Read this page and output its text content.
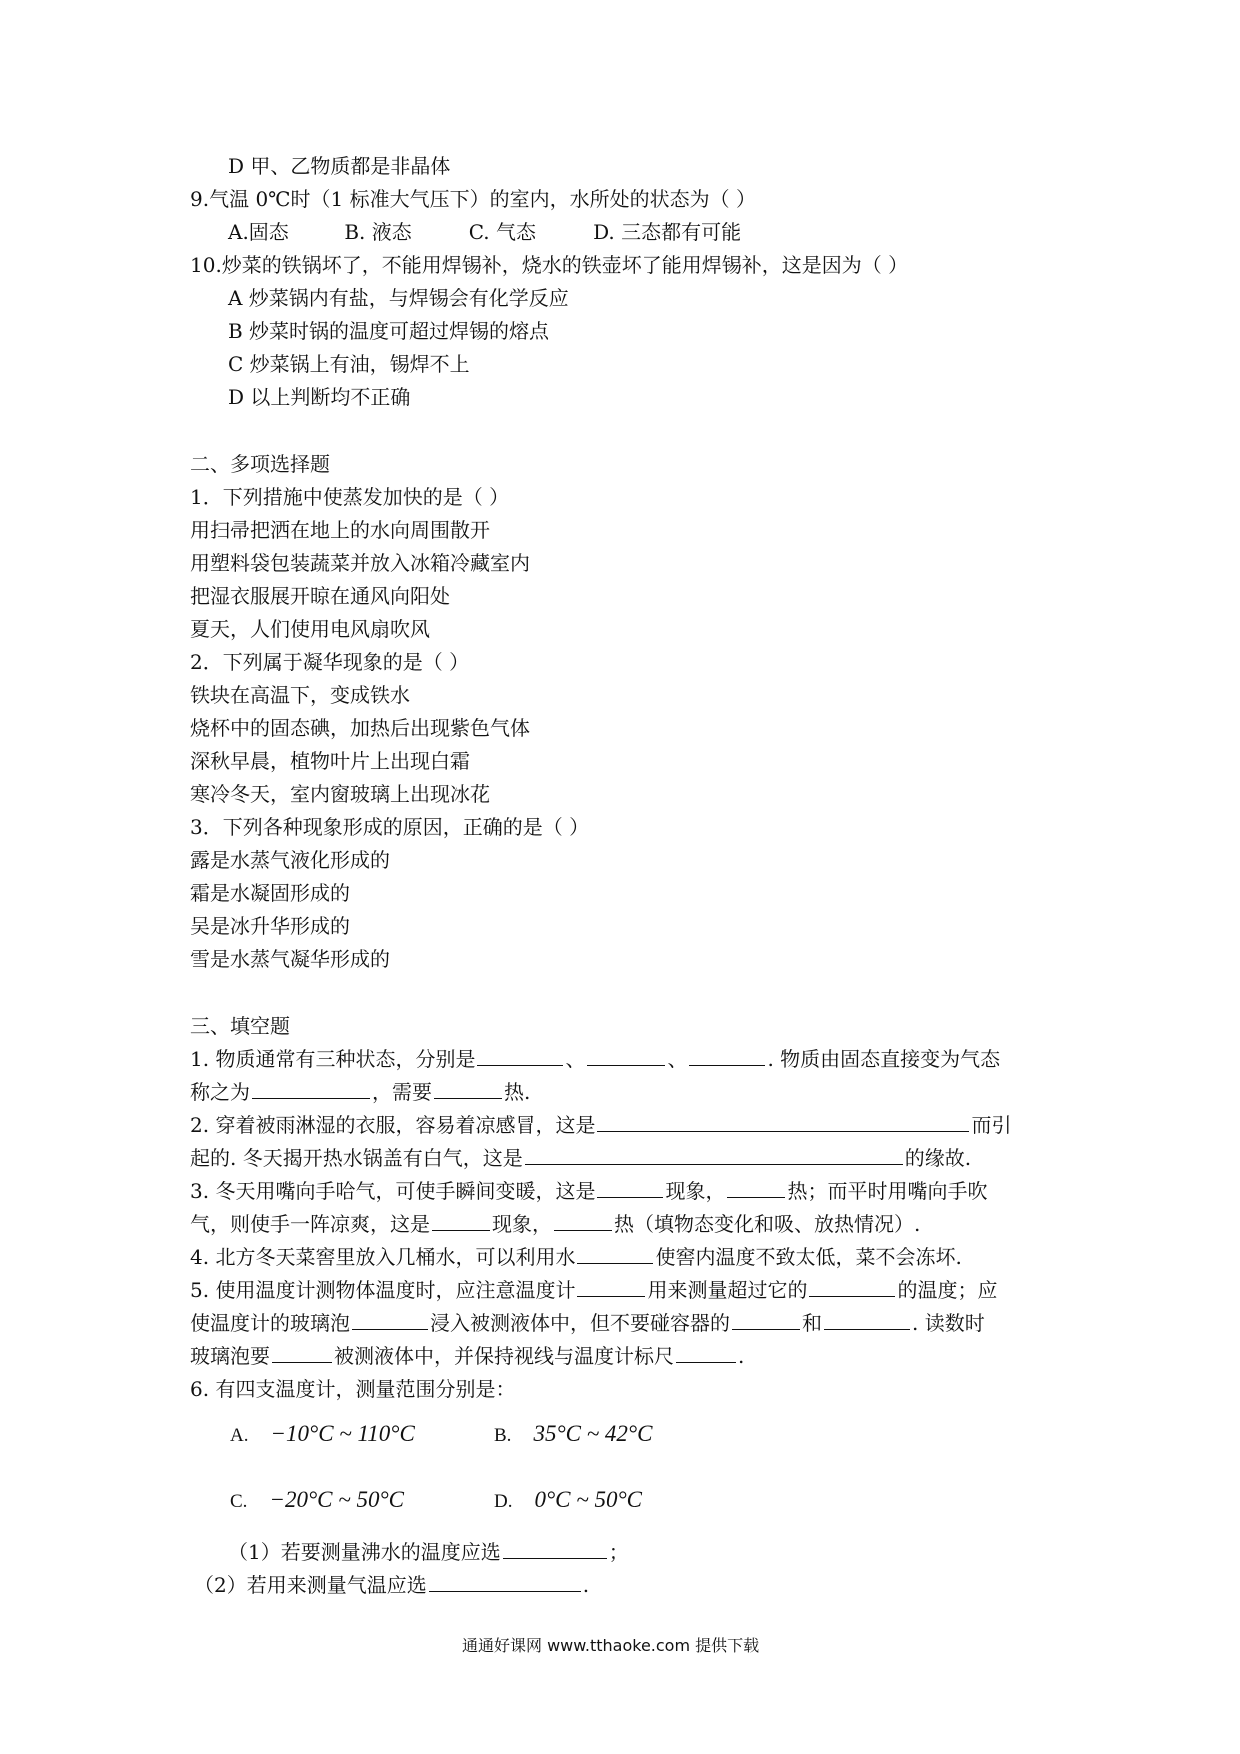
D 甲、乙物质都是非晶体
9.气温 0℃时（1 标准大气压下）的室内，水所处的状态为（ ）
A.固态	B. 液态	C. 气态	D. 三态都有可能
10.炒菜的铁锅坏了，不能用焊锡补，烧水的铁壶坏了能用焊锡补，这是因为（ ）
A 炒菜锅内有盐，与焊锡会有化学反应
B 炒菜时锅的温度可超过焊锡的熔点
C 炒菜锅上有油，锡焊不上
D 以上判断均不正确
二、多项选择题
1．下列措施中使蒸发加快的是（ ）
用扫帚把洒在地上的水向周围散开
用塑料袋包装蔬菜并放入冰箱冷藏室内
把湿衣服展开晾在通风向阳处
夏天，人们使用电风扇吹风
2．下列属于凝华现象的是（ ）
铁块在高温下，变成铁水
烧杯中的固态碘，加热后出现紫色气体
深秋早晨，植物叶片上出现白霜
寒冷冬天，室内窗玻璃上出现冰花
3．下列各种现象形成的原因，正确的是（ ）
露是水蒸气液化形成的
霜是水凝固形成的
吴是冰升华形成的
雪是水蒸气凝华形成的
三、填空题
1. 物质通常有三种状态，分别是	、	、	. 物质由固态直接变为气态
称之为	，需要	热.
2. 穿着被雨淋湿的衣服，容易着凉感冒，这是	而引
起的. 冬天揭开热水锅盖有白气，这是	的缘故.
3. 冬天用嘴向手哈气，可使手瞬间变暖，这是	现象，	热；而平时用嘴向手吹
气，则使手一阵凉爽，这是	现象，	热（填物态变化和吸、放热情况）.
4. 北方冬天菜窖里放入几桶水，可以利用水	使窖内温度不致太低，菜不会冻坏.
5. 使用温度计测物体温度时，应注意温度计	用来测量超过它的	的温度；应
使温度计的玻璃泡	浸入被测液体中，但不要碰容器的	和	. 读数时
玻璃泡要	被测液体中，并保持视线与温度计标尺	.
6. 有四支温度计，测量范围分别是：
A. −10°C ~ 110°C	B. 35°C ~ 42°C
C. −20°C ~ 50°C	D. 0°C ~ 50°C
（1）若要测量沸水的温度应选	；
（2）若用来测量气温应选	.
通通好课网 www.tthaoke.com 提供下载
